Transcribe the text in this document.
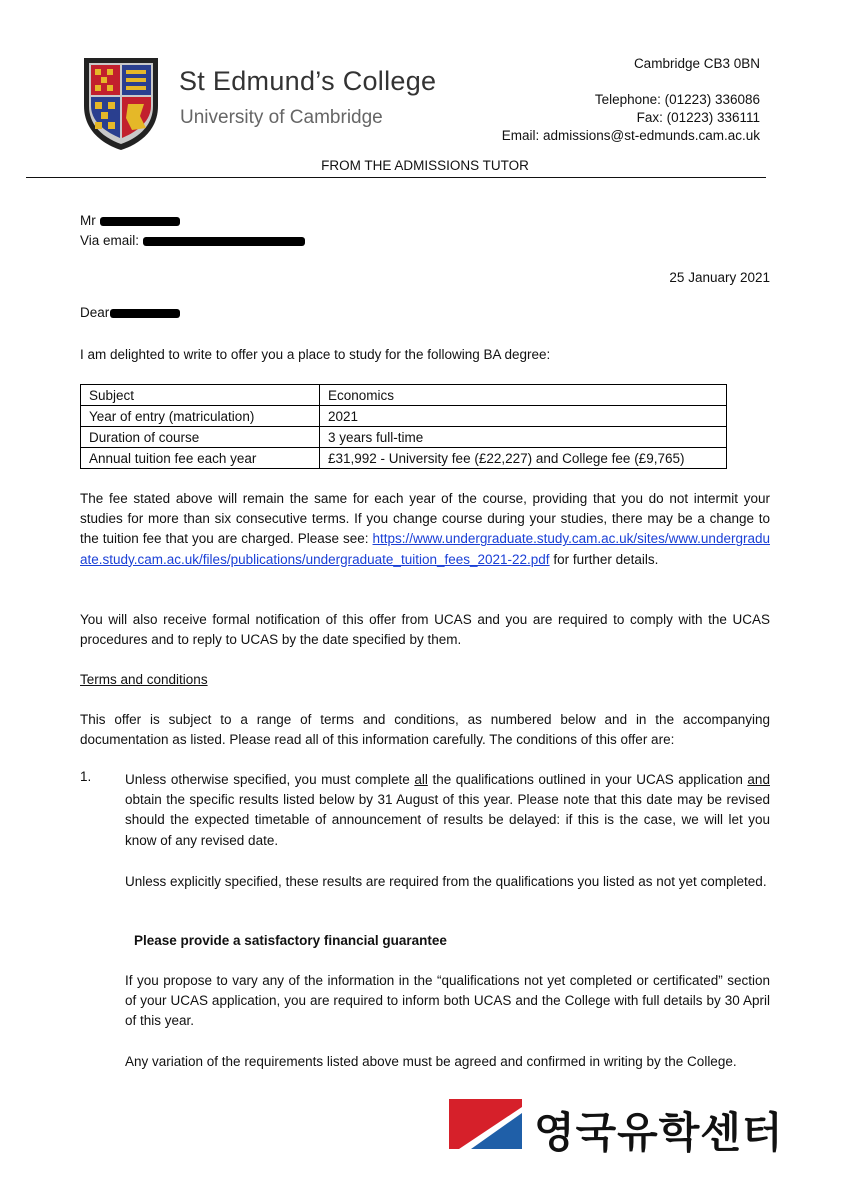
St Edmund’s College
University of Cambridge
Cambridge CB3 0BN
Telephone: (01223) 336086
Fax: (01223) 336111
Email: admissions@st-edmunds.cam.ac.uk
FROM THE ADMISSIONS TUTOR
Mr
Via email:
25 January 2021
Dear

I am delighted to write to offer you a place to study for the following BA degree:

Subject	Economics
Year of entry (matriculation)	2021
Duration of course	3 years full-time
Annual tuition fee each year	£31,992 - University fee (£22,227) and College fee (£9,765)

The fee stated above will remain the same for each year of the course, providing that you do not intermit your studies for more than six consecutive terms. If you change course during your studies, there may be a change to the tuition fee that you are charged. Please see: https://www.undergraduate.study.cam.ac.uk/sites/www.undergraduate.study.cam.ac.uk/files/publications/undergraduate_tuition_fees_2021-22.pdf for further details.

You will also receive formal notification of this offer from UCAS and you are required to comply with the UCAS procedures and to reply to UCAS by the date specified by them.

Terms and conditions

This offer is subject to a range of terms and conditions, as numbered below and in the accompanying documentation as listed. Please read all of this information carefully. The conditions of this offer are:

1. Unless otherwise specified, you must complete all the qualifications outlined in your UCAS application and obtain the specific results listed below by 31 August of this year. Please note that this date may be revised should the expected timetable of announcement of results be delayed: if this is the case, we will let you know of any revised date.

Unless explicitly specified, these results are required from the qualifications you listed as not yet completed.

Please provide a satisfactory financial guarantee

If you propose to vary any of the information in the “qualifications not yet completed or certificated” section of your UCAS application, you are required to inform both UCAS and the College with full details by 30 April of this year.

Any variation of the requirements listed above must be agreed and confirmed in writing by the College.

영국유학센터
